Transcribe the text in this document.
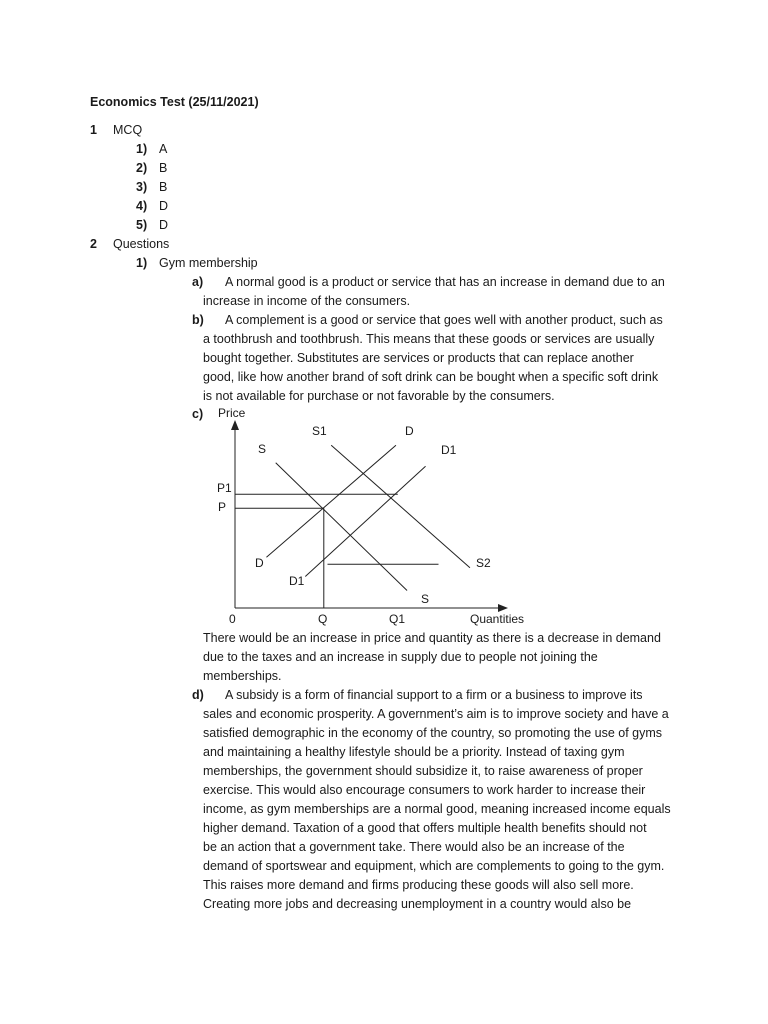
Economics Test (25/11/2021)
1 MCQ
1) A
2) B
3) B
4) D
5) D
2 Questions
1) Gym membership
a)	A normal good is a product or service that has an increase in demand due to an
increase in income of the consumers.
b)	A complement is a good or service that goes well with another product, such as
a toothbrush and toothbrush. This means that these goods or services are usually
bought together. Substitutes are services or products that can replace another
good, like how another brand of soft drink can be bought when a specific soft drink
is not available for purchase or not favorable by the consumers.
c) Price
Quantities
0
S
S
S1
S2
D
D
D1
D1
P1
P
Q	Q1
There would be an increase in price and quantity as there is a decrease in demand
due to the taxes and an increase in supply due to people not joining the
memberships.
d)	A subsidy is a form of financial support to a firm or a business to improve its
sales and economic prosperity. A government’s aim is to improve society and have a
satisfied demographic in the economy of the country, so promoting the use of gyms
and maintaining a healthy lifestyle should be a priority. Instead of taxing gym
memberships, the government should subsidize it, to raise awareness of proper
exercise. This would also encourage consumers to work harder to increase their
income, as gym memberships are a normal good, meaning increased income equals
higher demand. Taxation of a good that offers multiple health benefits should not
be an action that a government take. There would also be an increase of the
demand of sportswear and equipment, which are complements to going to the gym.
This raises more demand and firms producing these goods will also sell more.
Creating more jobs and decreasing unemployment in a country would also be
